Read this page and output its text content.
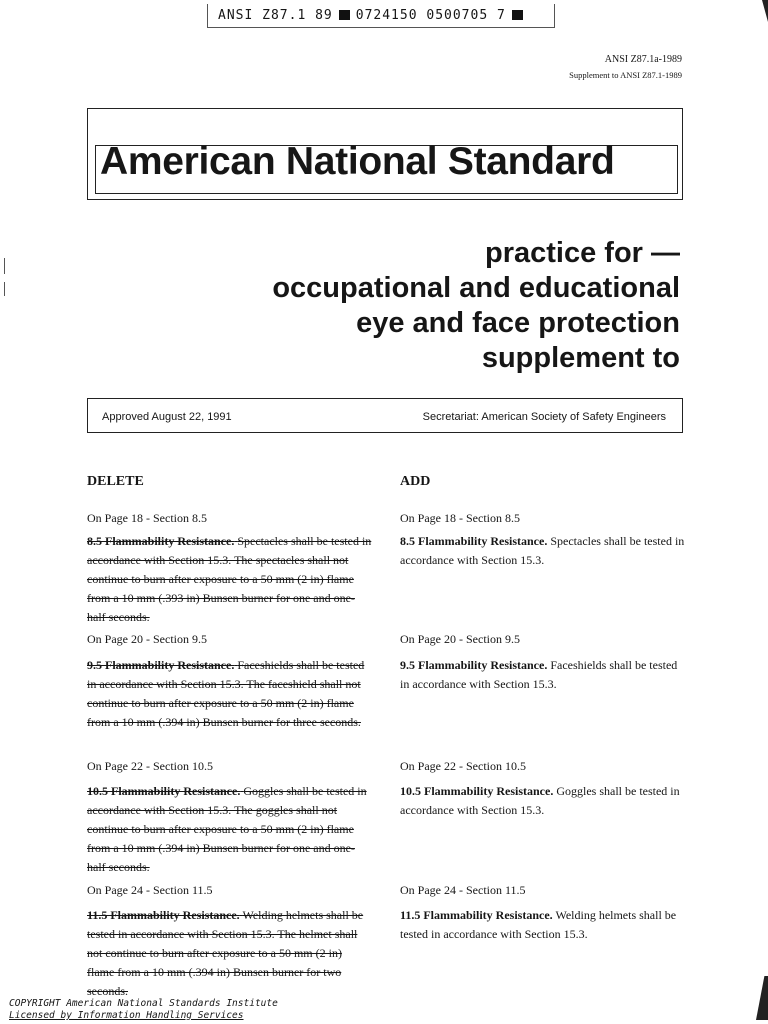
ANSI Z87.1 89 0724150 0500705 7
ANSI Z87.1a-1989
Supplement to ANSI Z87.1-1989
American National Standard
practice for —
occupational and educational
eye and face protection
supplement to
Approved August 22, 1991	Secretariat: American Society of Safety Engineers
DELETE
On Page 18 - Section 8.5
8.5 Flammability Resistance. Spectacles shall be tested in accordance with Section 15.3. The spectacles shall not continue to burn after exposure to a 50 mm (2 in) flame from a 10 mm (.393 in) Bunsen burner for one and one-half seconds.
On Page 20 - Section 9.5
9.5 Flammability Resistance. Faceshields shall be tested in accordance with Section 15.3. The faceshield shall not continue to burn after exposure to a 50 mm (2 in) flame from a 10 mm (.394 in) Bunsen burner for three seconds.
On Page 22 - Section 10.5
10.5 Flammability Resistance. Goggles shall be tested in accordance with Section 15.3. The goggles shall not continue to burn after exposure to a 50 mm (2 in) flame from a 10 mm (.394 in) Bunsen burner for one and one-half seconds.
On Page 24 - Section 11.5
11.5 Flammability Resistance. Welding helmets shall be tested in accordance with Section 15.3. The helmet shall not continue to burn after exposure to a 50 mm (2 in) flame from a 10 mm (.394 in) Bunsen burner for two seconds.
ADD
On Page 18 - Section 8.5
8.5 Flammability Resistance. Spectacles shall be tested in accordance with Section 15.3.
On Page 20 - Section 9.5
9.5 Flammability Resistance. Faceshields shall be tested in accordance with Section 15.3.
On Page 22 - Section 10.5
10.5 Flammability Resistance. Goggles shall be tested in accordance with Section 15.3.
On Page 24 - Section 11.5
11.5 Flammability Resistance. Welding helmets shall be tested in accordance with Section 15.3.
COPYRIGHT American National Standards Institute
Licensed by Information Handling Services
